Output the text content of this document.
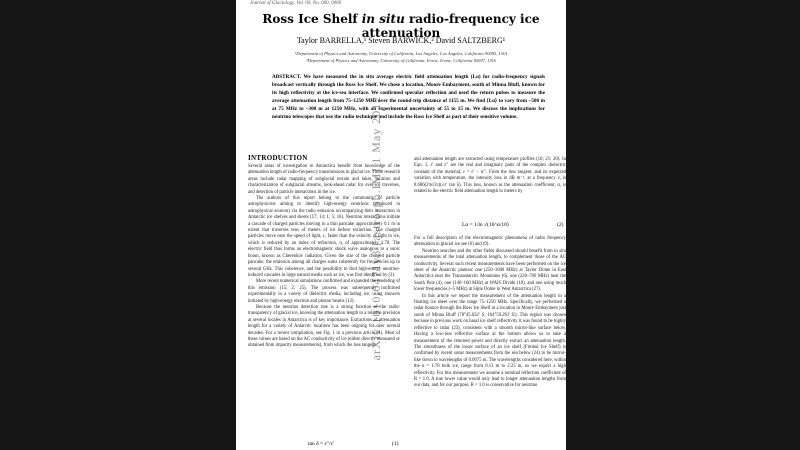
arXiv:1010.0471v3 [astro-ph.IM] 1 May 2012
Journal of Glaciology, Vol. 00, No. 000, 0000
Ross Ice Shelf in situ radio-frequency ice attenuation
Taylor BARRELLA,¹ Steven BARWICK,² David SALTZBERG¹
¹Department of Physics and Astronomy, University of California, Los Angeles, Los Angeles, California 90095, USA
²Department of Physics and Astronomy, University of California, Irvine, Irvine, California 92697, USA
ABSTRACT. We have measured the in situ average electric field attenuation length (Lα) for radio-frequency signals broadcast vertically through the Ross Ice Shelf. We chose a location, Moore Embayment, south of Minna Bluff, known for its high reflectivity at the ice-sea interface. We confirmed specular reflection and used the return pulses to measure the average attenuation length from 75–1250 MHz over the round-trip distance of 1155 m. We find ⟨Lα⟩ to vary from ~500 m at 75 MHz to ~300 m at 1250 MHz, with an experimental uncertainty of 55 to 15 m. We discuss the implications for neutrino telescopes that use the radio technique and include the Ross Ice Shelf as part of their sensitive volume.
INTRODUCTION

Several areas of investigation in Antarctica benefit from knowledge of the attenuation length of radio-frequency transmissions in glacial ice. These research areas include radar mapping of subglacial terrain and lakes, location and characterization of subglacial streams, look-ahead radar for over-ice traverses, and detection of particle interactions in the ice.

The authors of this report belong to the community of particle astrophysicists aiming to identify high-energy neutrinos (produced in astrophysical sources) via the radio emission accompanying their interaction in Antarctic ice shelves and sheets (17; 14; 1; 5; 16). Neutrino interactions initiate a cascade of charged particles moving in a thin pancake approximately 0.1 m in extent that traverses tens of meters of ice before extinction. The charged particles move near the speed of light, c, faster than the velocity of light in ice, which is reduced by an index of refraction, n, of approximately 1.78. The electric field thus forms an electromagnetic shock wave analogous to a sonic boom, known as Cherenkov radiation. Given the size of the charged particle pancake, the emission among all charges sums coherently for frequencies up to several GHz. This coherence, and the possibility to find high-energy neutrino-induced cascades in large natural media such as ice, was first identified by (3).

More recent numerical simulations confirmed and expanded the modeling of this emission (15; 2; 25). The process was subsequently confirmed experimentally in a variety of dielectric media, including ice, using showers initiated by high-energy electron and photon beams (12).

Because the neutrino detection rate is a strong function of the radio-transparency of glacial ice, knowing the attenuation length to a reliable precision at several locales in Antarctica is of key importance. Extractions of attenuation length for a variety of Antarctic locations has been ongoing for over several decades. For a recent compilation, see Fig. 1 in a previous article (4). Most of these values are based on the AC conductivity of ice (either directly measured or obtained from impurity measurements), from which the loss tangent

tan δ = ε″/ε′	(1)

and attenuation length are extracted using temperature profiles (10; 21; 20). In Eqn. 1, ε′ and ε″ are the real and imaginary parts of the complex dielectric constant of the material, ε = ε′ − iε″. From the loss tangent, and its expected variation with temperature, the intensity loss in dB m⁻¹, at a frequency ν, is 8.686(2πν/2c)(√ε′ tan δ). This loss, known as the attenuation coefficient, α, is related to the electric field attenuation length in meters by

Lα = 1/ln √(10^α/10)	(2)

For a full description of the electromagnetic phenomena of radio frequency attenuation in glacial ice see (6) and (9).

Neutrino searches and the other fields discussed should benefit from in situ measurements of the total attenuation length, to complement those of the AC conductivity. Several such recent measurements have been performed on the ice sheet of the Antarctic plateau: one (250–1000 MHz) at Taylor Dome in East Antarctica near the Transantarctic Mountains (6), one (220–700 MHz) near the South Pole (4), one (140–160 MHz) at WAIS Divide (18), and one using much lower frequencies (~5 MHz) at Siple Dome in West Antarctica (27).

In this article we report the measurement of the attenuation length in a floating ice sheet over the range 75–1250 MHz. Specifically, we performed a radar bounce through the Ross Ice Shelf at a location in Moore Embayment just south of Minna Bluff (78°45.022′ S, 164°59.291′ E). This region was chosen because in previous work on basal ice shelf reflectivity it was found to be highly reflective to radar (23), consistent with a smooth mirror-like surface below. Having a low-loss reflective surface at the bottom allows us to take a measurement of the returned power and directly extract an attenuation length. The smoothness of the lower surface of an ice shelf (Fimbul Ice Shelf) is confirmed by recent sonar measurements from the sea below (24) to be mirror-like down to wavelengths of 0.0075 m. The wavelengths considered here, within the n = 1.78 bulk ice, range from 0.13 m to 2.25 m, so we expect a high reflectivity. For this measurement we assume a nominal reflection coefficient of R = 1.0. A true lower value would only lead to longer attenuation lengths from our data, and for our purpose, R = 1.0 is conservative for neutrino
